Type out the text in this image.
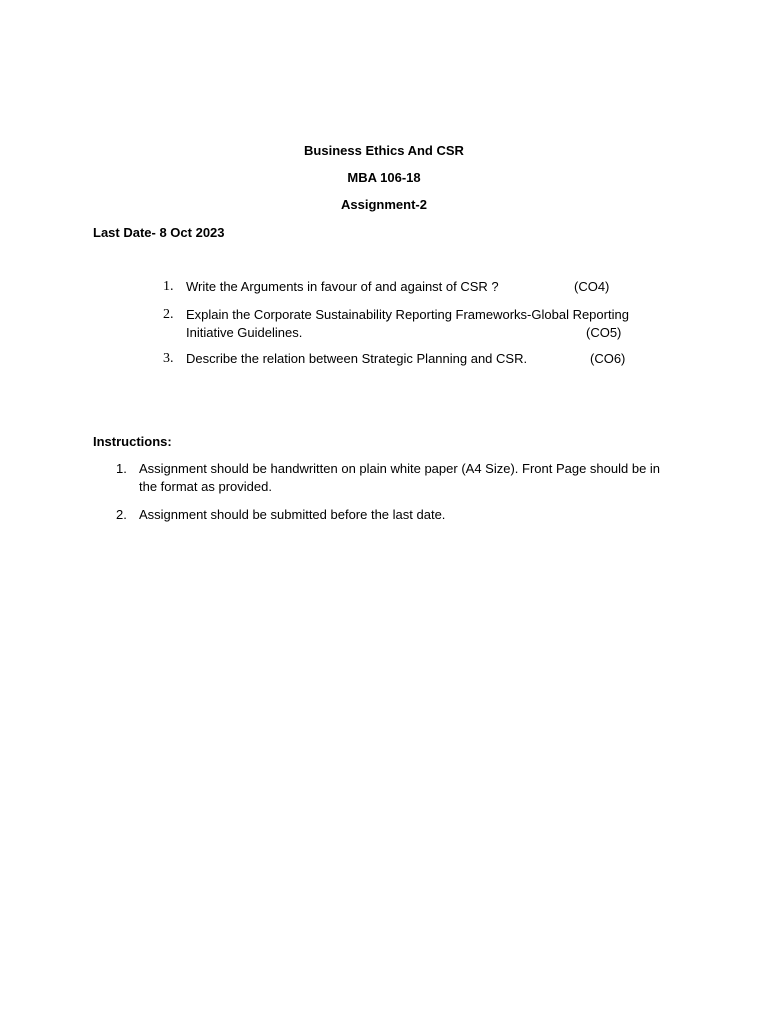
Business Ethics And CSR
MBA 106-18
Assignment-2
Last Date- 8 Oct 2023
1. Write the Arguments in favour of and against of CSR ?	(CO4)
2. Explain the Corporate Sustainability Reporting Frameworks-Global Reporting
Initiative Guidelines.	(CO5)
3. Describe the relation between Strategic Planning and CSR.	(CO6)
Instructions:
1. Assignment should be handwritten on plain white paper (A4 Size). Front Page should be in
the format as provided.
2. Assignment should be submitted before the last date.
